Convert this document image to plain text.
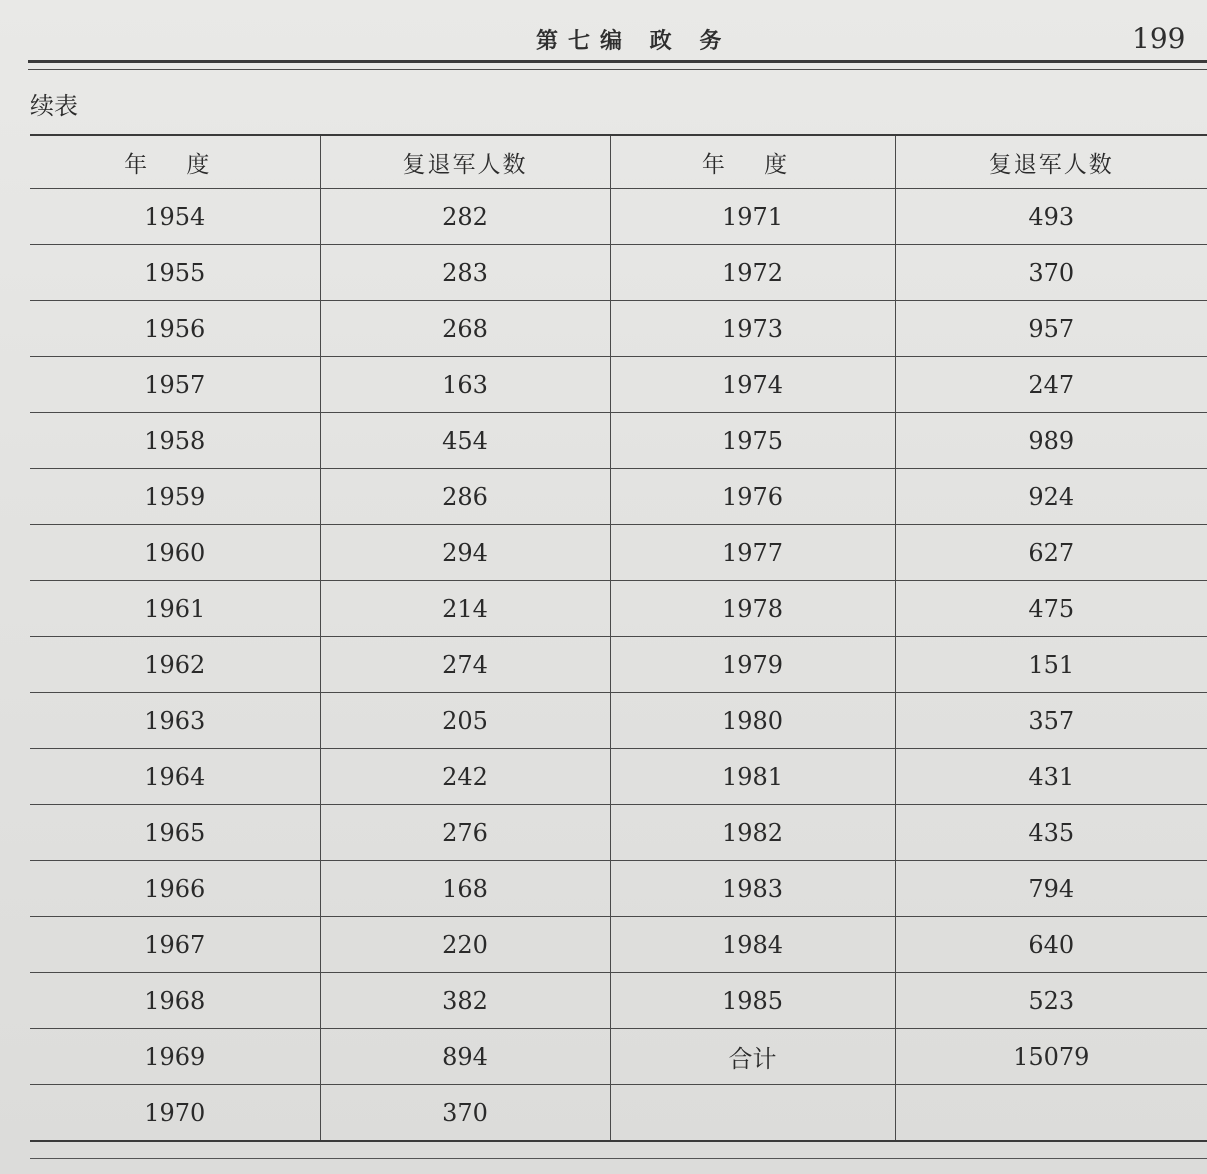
第七编 政 务	199
续表
年 度	复退军人数	年 度	复退军人数
1954	282	1971	493
1955	283	1972	370
1956	268	1973	957
1957	163	1974	247
1958	454	1975	989
1959	286	1976	924
1960	294	1977	627
1961	214	1978	475
1962	274	1979	151
1963	205	1980	357
1964	242	1981	431
1965	276	1982	435
1966	168	1983	794
1967	220	1984	640
1968	382	1985	523
1969	894	合计	15079
1970	370		
